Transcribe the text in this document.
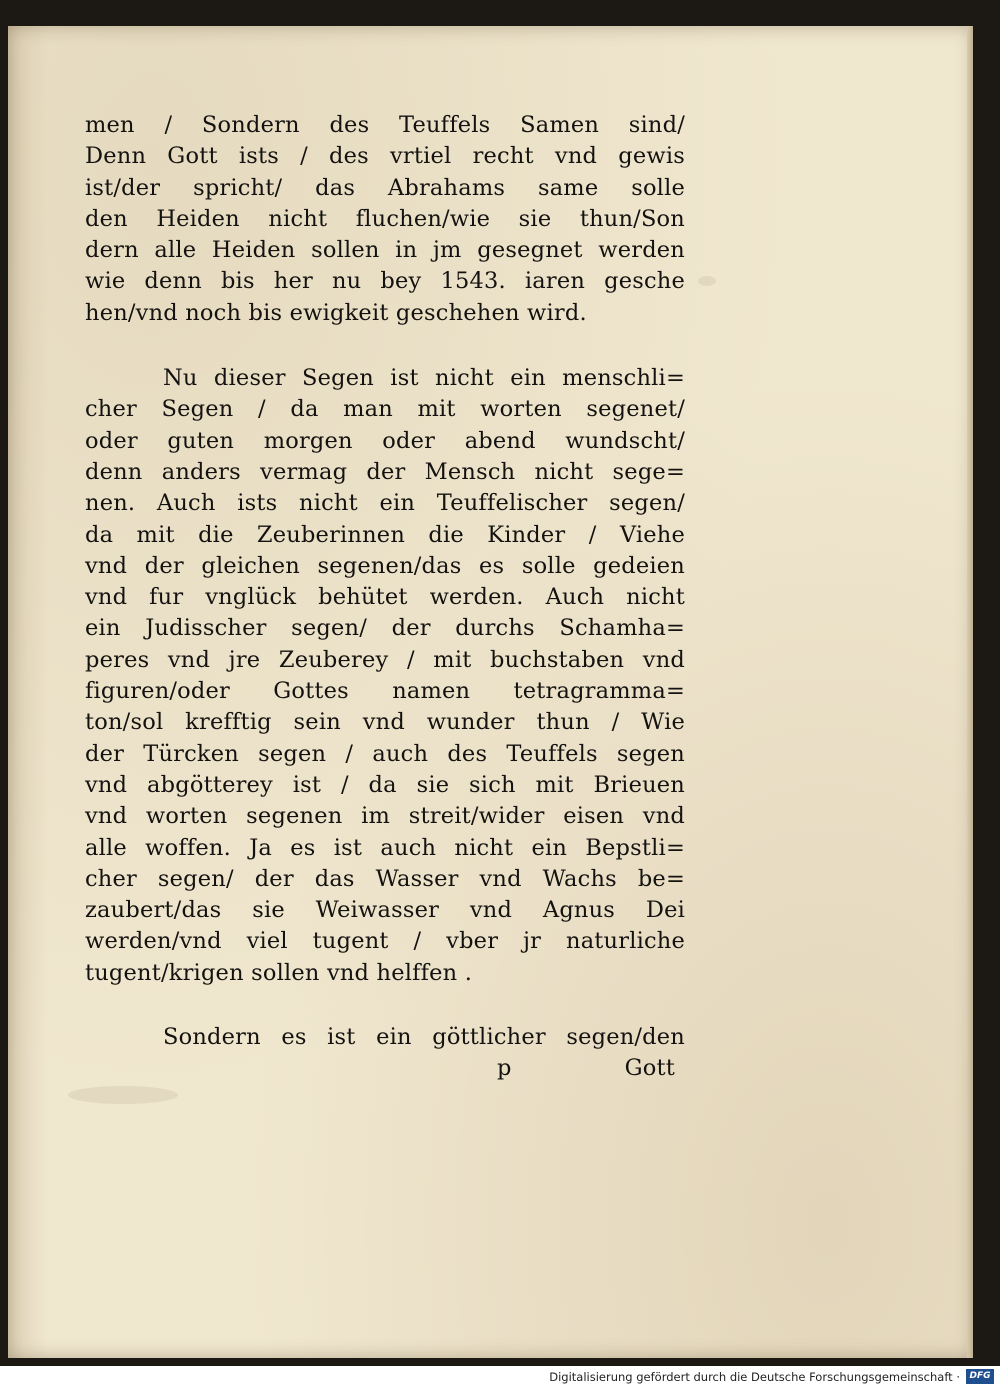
men / Sondern des Teuffels Samen sind/
Denn Gott ists / des vrtiel recht vnd gewis
ist/der spricht/ das Abrahams same solle
den Heiden nicht fluchen/wie sie thun/Son
dern alle Heiden sollen in jm gesegnet werden
wie denn bis her nu bey 1543. iaren gesche
hen/vnd noch bis ewigkeit geschehen wird.
Nu dieser Segen ist nicht ein menschli=
cher Segen / da man mit worten segenet/
oder guten morgen oder abend wundscht/
denn anders vermag der Mensch nicht sege=
nen. Auch ists nicht ein Teuffelischer segen/
da mit die Zeuberinnen die Kinder / Viehe
vnd der gleichen segenen/das es solle gedeien
vnd fur vnglück behütet werden. Auch nicht
ein Judisscher segen/ der durchs Schamha=
peres vnd jre Zeuberey / mit buchstaben vnd
figuren/oder Gottes namen tetragramma=
ton/sol krefftig sein vnd wunder thun / Wie
der Türcken segen / auch des Teuffels segen
vnd abgötterey ist / da sie sich mit Brieuen
vnd worten segenen im streit/wider eisen vnd
alle woffen. Ja es ist auch nicht ein Bepstli=
cher segen/ der das Wasser vnd Wachs be=
zaubert/das sie Weiwasser vnd Agnus Dei
werden/vnd viel tugent / vber jr naturliche
tugent/krigen sollen vnd helffen .
Sondern es ist ein göttlicher segen/den
p	Gott
Digitalisierung gefördert durch die Deutsche Forschungsgemeinschaft ·	DFG
